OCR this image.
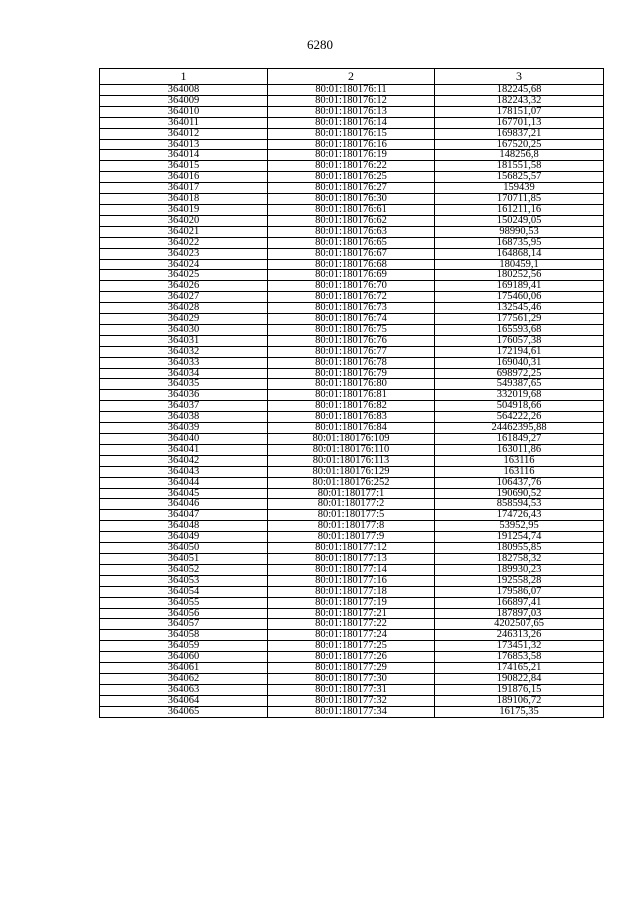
6280
1	2	3
364008	80:01:180176:11	182245,68
364009	80:01:180176:12	182243,32
364010	80:01:180176:13	178151,07
364011	80:01:180176:14	167701,13
364012	80:01:180176:15	169837,21
364013	80:01:180176:16	167520,25
364014	80:01:180176:19	148256,8
364015	80:01:180176:22	181551,58
364016	80:01:180176:25	156825,57
364017	80:01:180176:27	159439
364018	80:01:180176:30	170711,85
364019	80:01:180176:61	161211,16
364020	80:01:180176:62	150249,05
364021	80:01:180176:63	98990,53
364022	80:01:180176:65	168735,95
364023	80:01:180176:67	164868,14
364024	80:01:180176:68	180459,1
364025	80:01:180176:69	180252,56
364026	80:01:180176:70	169189,41
364027	80:01:180176:72	175460,06
364028	80:01:180176:73	132545,46
364029	80:01:180176:74	177561,29
364030	80:01:180176:75	165593,68
364031	80:01:180176:76	176057,38
364032	80:01:180176:77	172194,61
364033	80:01:180176:78	169040,31
364034	80:01:180176:79	698972,25
364035	80:01:180176:80	549387,65
364036	80:01:180176:81	332019,68
364037	80:01:180176:82	504918,66
364038	80:01:180176:83	564222,26
364039	80:01:180176:84	24462395,88
364040	80:01:180176:109	161849,27
364041	80:01:180176:110	163011,86
364042	80:01:180176:113	163116
364043	80:01:180176:129	163116
364044	80:01:180176:252	106437,76
364045	80:01:180177:1	190690,52
364046	80:01:180177:2	858594,53
364047	80:01:180177:5	174726,43
364048	80:01:180177:8	53952,95
364049	80:01:180177:9	191254,74
364050	80:01:180177:12	180955,85
364051	80:01:180177:13	182758,32
364052	80:01:180177:14	189930,23
364053	80:01:180177:16	192558,28
364054	80:01:180177:18	179586,07
364055	80:01:180177:19	166897,41
364056	80:01:180177:21	187897,03
364057	80:01:180177:22	4202507,65
364058	80:01:180177:24	246313,26
364059	80:01:180177:25	173451,32
364060	80:01:180177:26	176853,58
364061	80:01:180177:29	174165,21
364062	80:01:180177:30	190822,84
364063	80:01:180177:31	191876,15
364064	80:01:180177:32	189106,72
364065	80:01:180177:34	16175,35
